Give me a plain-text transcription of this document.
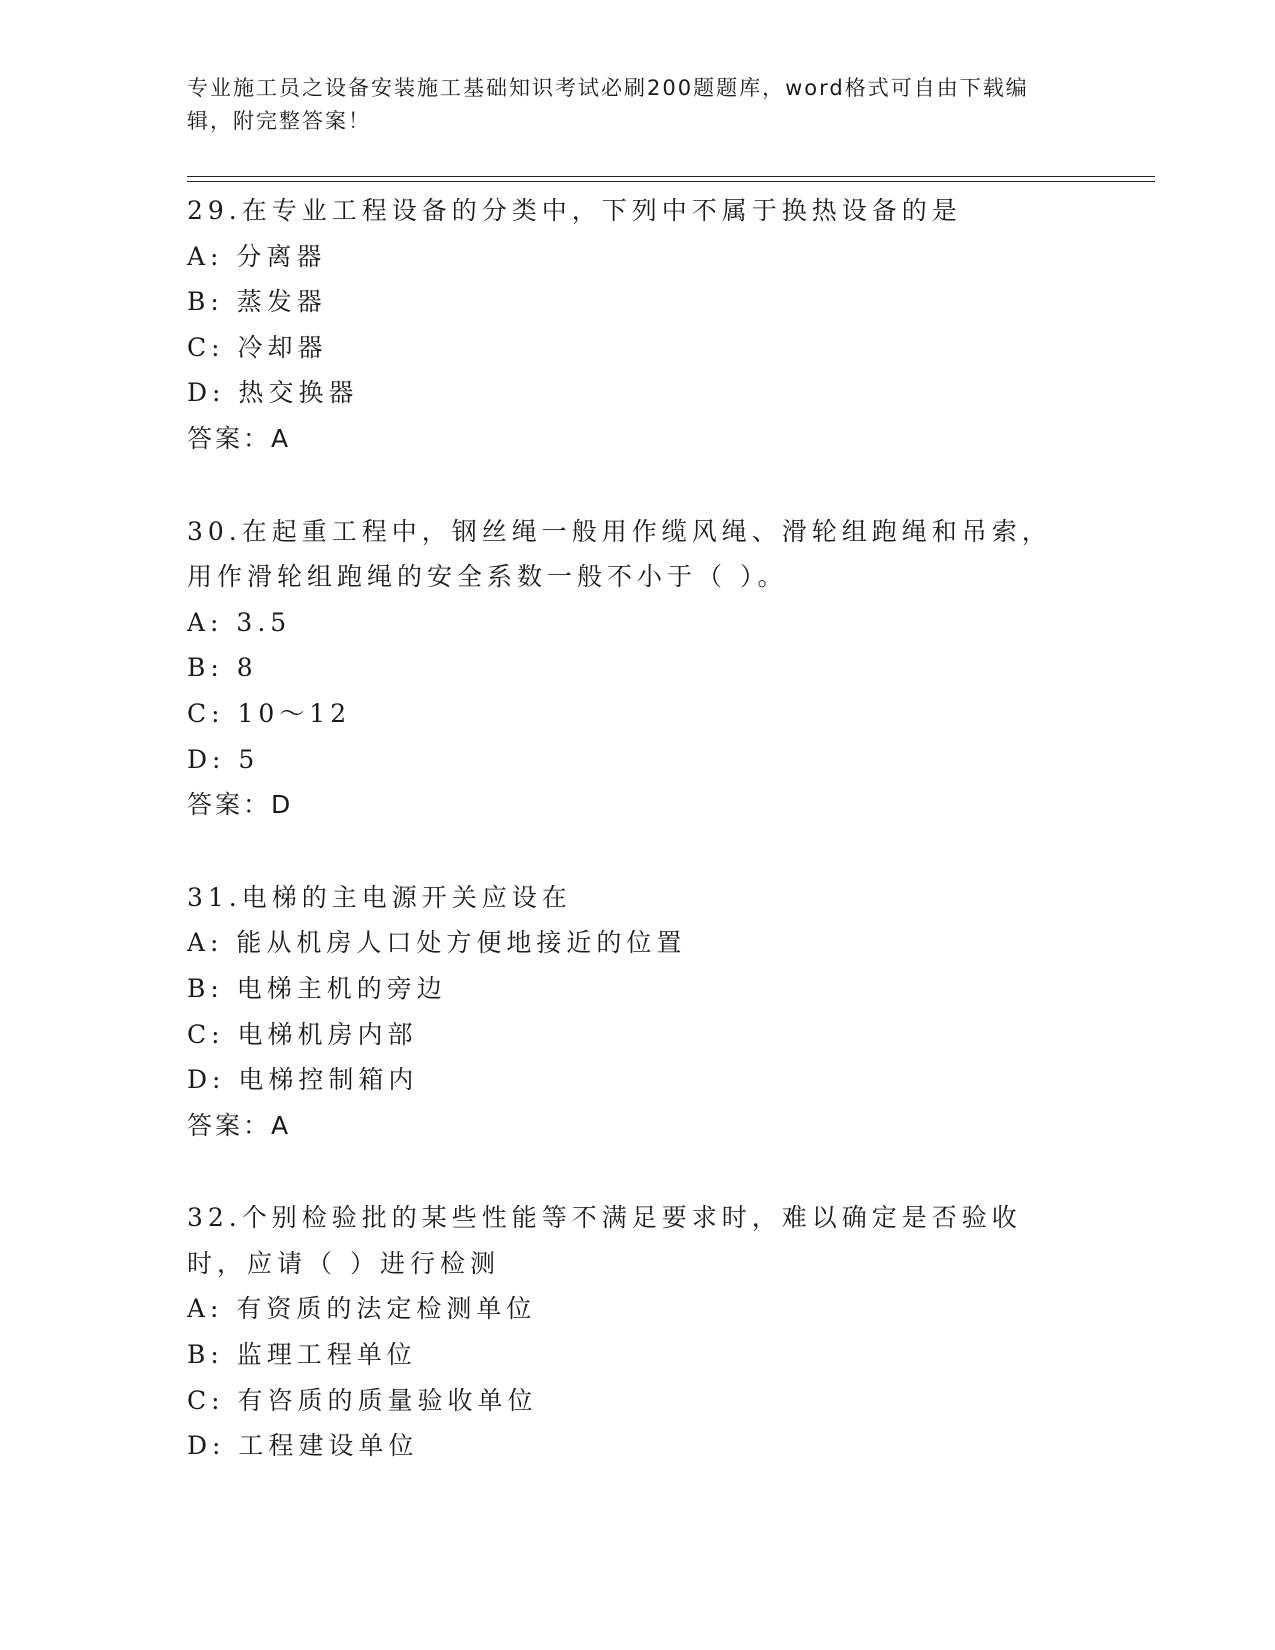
专业施工员之设备安装施工基础知识考试必刷200题题库，word格式可自由下载编辑，附完整答案！
29.在专业工程设备的分类中，下列中不属于换热设备的是
A: 分离器
B: 蒸发器
C: 冷却器
D: 热交换器
答案：A
30.在起重工程中，钢丝绳一般用作缆风绳、滑轮组跑绳和吊索，用作滑轮组跑绳的安全系数一般不小于（ ）。
A: 3.5
B: 8
C: 10～12
D: 5
答案：D
31.电梯的主电源开关应设在
A: 能从机房人口处方便地接近的位置
B: 电梯主机的旁边
C: 电梯机房内部
D: 电梯控制箱内
答案：A
32.个别检验批的某些性能等不满足要求时，难以确定是否验收时，应请（ ）进行检测
A: 有资质的法定检测单位
B: 监理工程单位
C: 有咨质的质量验收单位
D: 工程建设单位
